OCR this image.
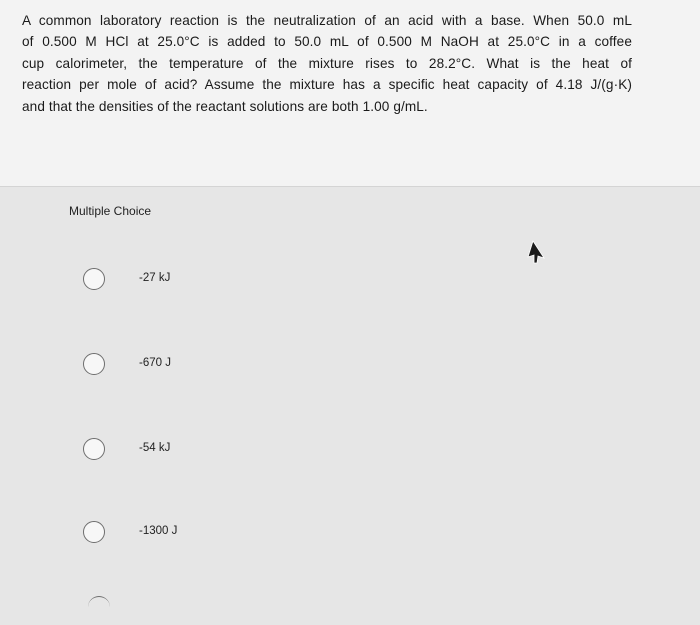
A common laboratory reaction is the neutralization of an acid with a base. When 50.0 mL
of 0.500 M HCl at 25.0°C is added to 50.0 mL of 0.500 M NaOH at 25.0°C in a coffee
cup calorimeter, the temperature of the mixture rises to 28.2°C. What is the heat of
reaction per mole of acid? Assume the mixture has a specific heat capacity of 4.18 J/(g·K)
and that the densities of the reactant solutions are both 1.00 g/mL.

Multiple Choice
-27 kJ
-670 J
-54 kJ
-1300 J
